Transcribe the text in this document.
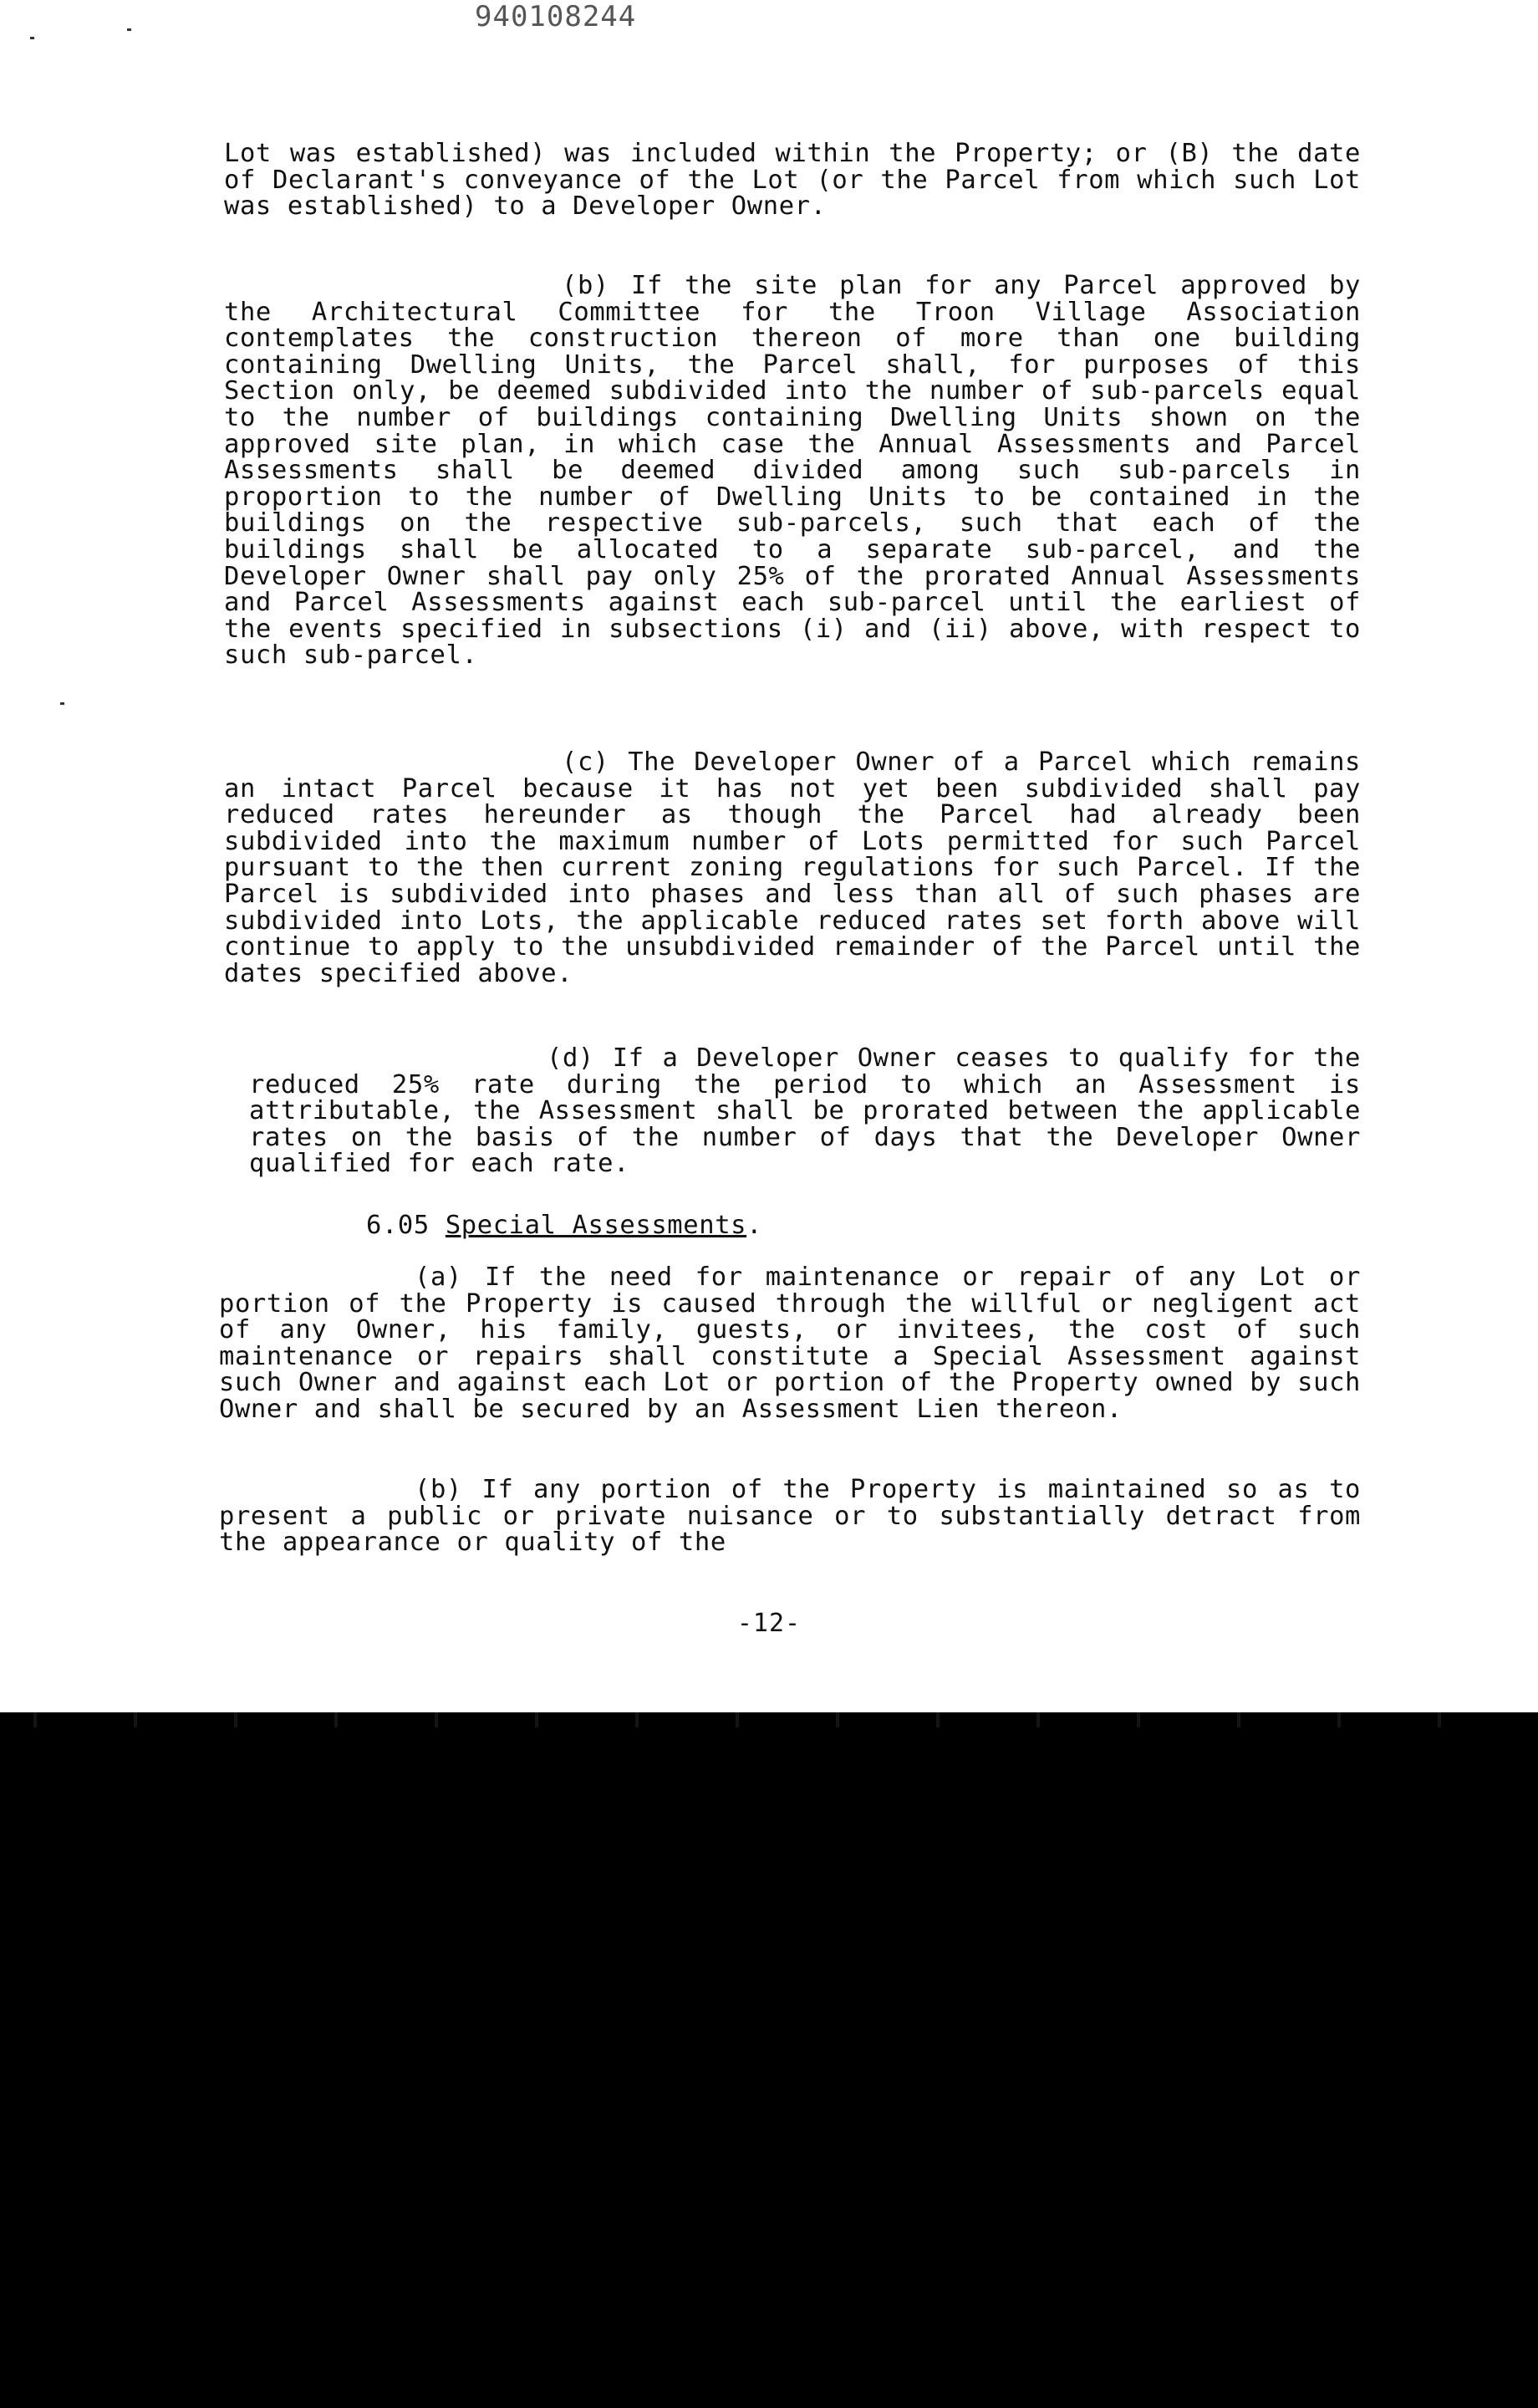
940108244
Lot was established) was included within the Property; or (B) the date of Declarant's conveyance of the Lot (or the Parcel from which such Lot was established) to a Developer Owner.
(b) If the site plan for any Parcel approved by the Architectural Committee for the Troon Village Association contemplates the construction thereon of more than one building containing Dwelling Units, the Parcel shall, for purposes of this Section only, be deemed subdivided into the number of sub-parcels equal to the number of buildings containing Dwelling Units shown on the approved site plan, in which case the Annual Assessments and Parcel Assessments shall be deemed divided among such sub-parcels in proportion to the number of Dwelling Units to be contained in the buildings on the respective sub-parcels, such that each of the buildings shall be allocated to a separate sub-parcel, and the Developer Owner shall pay only 25% of the prorated Annual Assessments and Parcel Assessments against each sub-parcel until the earliest of the events specified in subsections (i) and (ii) above, with respect to such sub-parcel.
(c) The Developer Owner of a Parcel which remains an intact Parcel because it has not yet been subdivided shall pay reduced rates hereunder as though the Parcel had already been subdivided into the maximum number of Lots permitted for such Parcel pursuant to the then current zoning regulations for such Parcel. If the Parcel is subdivided into phases and less than all of such phases are subdivided into Lots, the applicable reduced rates set forth above will continue to apply to the unsubdivided remainder of the Parcel until the dates specified above.
(d) If a Developer Owner ceases to qualify for the reduced 25% rate during the period to which an Assessment is attributable, the Assessment shall be prorated between the applicable rates on the basis of the number of days that the Developer Owner qualified for each rate.
6.05 Special Assessments.
(a) If the need for maintenance or repair of any Lot or portion of the Property is caused through the willful or negligent act of any Owner, his family, guests, or invitees, the cost of such maintenance or repairs shall constitute a Special Assessment against such Owner and against each Lot or portion of the Property owned by such Owner and shall be secured by an Assessment Lien thereon.
(b) If any portion of the Property is maintained so as to present a public or private nuisance or to substantially detract from the appearance or quality of the
-12-
